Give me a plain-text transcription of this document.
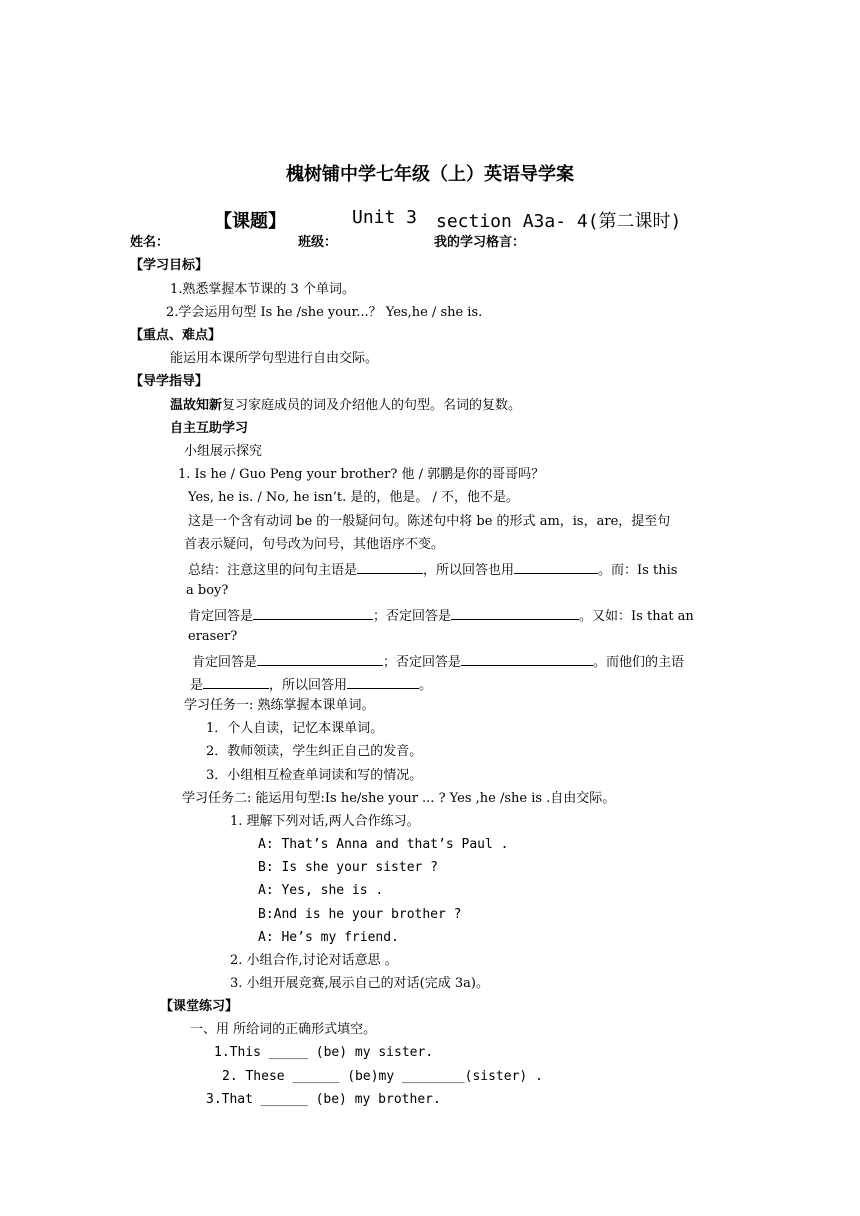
槐树铺中学七年级（上）英语导学案
【课题】	Unit 3 section A3a- 4(第二课时)
姓名：	班级：	我的学习格言：
【学习目标】
1.熟悉掌握本节课的 3 个单词。
2.学会运用句型 Is he /she your...？ Yes,he / she is.
【重点、难点】
能运用本课所学句型进行自由交际。
【导学指导】
温故知新复习家庭成员的词及介绍他人的句型。名词的复数。
自主互助学习
小组展示探究
1. Is he / Guo Peng your brother? 他 / 郭鹏是你的哥哥吗？
Yes, he is. / No, he isn’t. 是的，他是。 / 不，他不是。
这是一个含有动词 be 的一般疑问句。陈述句中将 be 的形式 am，is，are，提至句
首表示疑问，句号改为问号，其他语序不变。
总结：注意这里的问句主语是	，所以回答也用	。而：Is this
a boy?
肯定回答是	；否定回答是	。又如：Is that an
eraser?
肯定回答是	；否定回答是	。而他们的主语
是	，所以回答用	。
学习任务一: 熟练掌握本课单词。
1．个人自读，记忆本课单词。
2．教师领读，学生纠正自己的发音。
3．小组相互检查单词读和写的情况。
学习任务二: 能运用句型:Is he/she your ... ? Yes ,he /she is .自由交际。
1. 理解下列对话,两人合作练习。
A: That’s Anna and that’s Paul .
B: Is she your sister ?
A: Yes, she is .
B:And is he your brother ?
A: He’s my friend.
2. 小组合作,讨论对话意思 。
3. 小组开展竞赛,展示自己的对话(完成 3a)。
【课堂练习】
一、用 所给词的正确形式填空。
1.This _____ (be) my sister.
2. These ______ (be)my ________(sister) .
3.That ______ (be) my brother.
